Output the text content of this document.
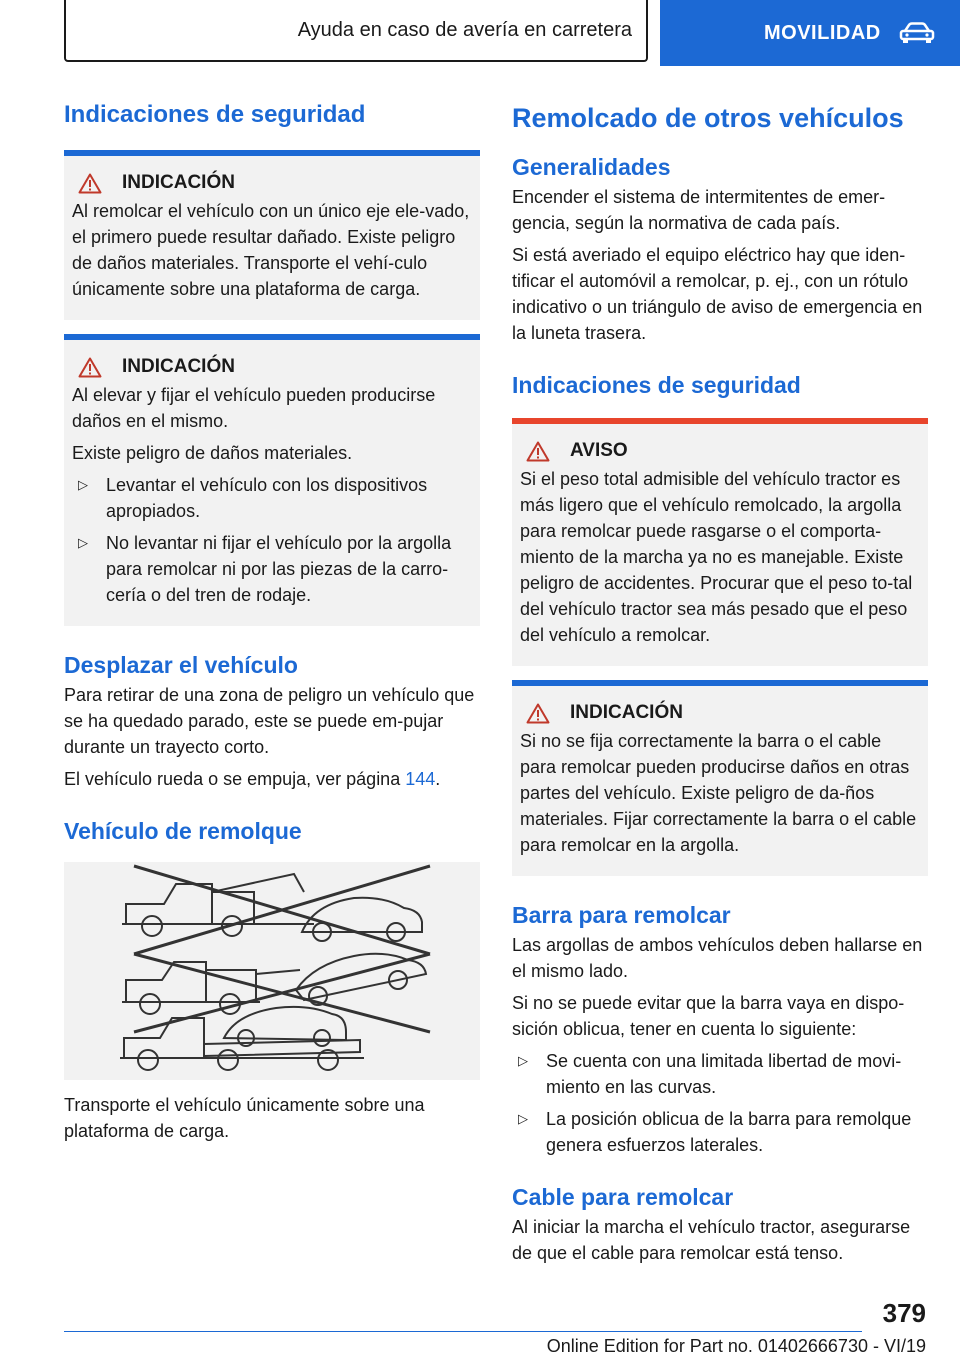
Ayuda en caso de avería en carretera	MOVILIDAD
Indicaciones de seguridad
INDICACIÓN

Al remolcar el vehículo con un único eje ele-vado, el primero puede resultar dañado. Existe peligro de daños materiales. Transporte el vehí-culo únicamente sobre una plataforma de carga.

INDICACIÓN

Al elevar y fijar el vehículo pueden producirse daños en el mismo.

Existe peligro de daños materiales.

▷ Levantar el vehículo con los dispositivos apropiados.
▷ No levantar ni fijar el vehículo por la argolla para remolcar ni por las piezas de la carro-cería o del tren de rodaje.
Desplazar el vehículo

Para retirar de una zona de peligro un vehículo que se ha quedado parado, este se puede em-pujar durante un trayecto corto.

El vehículo rueda o se empuja, ver página 144.

Vehículo de remolque

Transporte el vehículo únicamente sobre una plataforma de carga.

Remolcado de otros vehículos
Generalidades

Encender el sistema de intermitentes de emer-gencia, según la normativa de cada país.

Si está averiado el equipo eléctrico hay que iden-tificar el automóvil a remolcar, p. ej., con un rótulo indicativo o un triángulo de aviso de emergencia en la luneta trasera.

Indicaciones de seguridad
AVISO

Si el peso total admisible del vehículo tractor es más ligero que el vehículo remolcado, la argolla para remolcar puede rasgarse o el comporta-miento de la marcha ya no es manejable. Existe peligro de accidentes. Procurar que el peso to-tal del vehículo tractor sea más pesado que el peso del vehículo a remolcar.

INDICACIÓN

Si no se fija correctamente la barra o el cable para remolcar pueden producirse daños en otras partes del vehículo. Existe peligro de da-ños materiales. Fijar correctamente la barra o el cable para remolcar en la argolla.

Barra para remolcar

Las argollas de ambos vehículos deben hallarse en el mismo lado.

Si no se puede evitar que la barra vaya en dispo-sición oblicua, tener en cuenta lo siguiente:

▷ Se cuenta con una limitada libertad de movi-miento en las curvas.
▷ La posición oblicua de la barra para remolque genera esfuerzos laterales.
Cable para remolcar

Al iniciar la marcha el vehículo tractor, asegurarse de que el cable para remolcar está tenso.

379
Online Edition for Part no. 01402666730 - VI/19
